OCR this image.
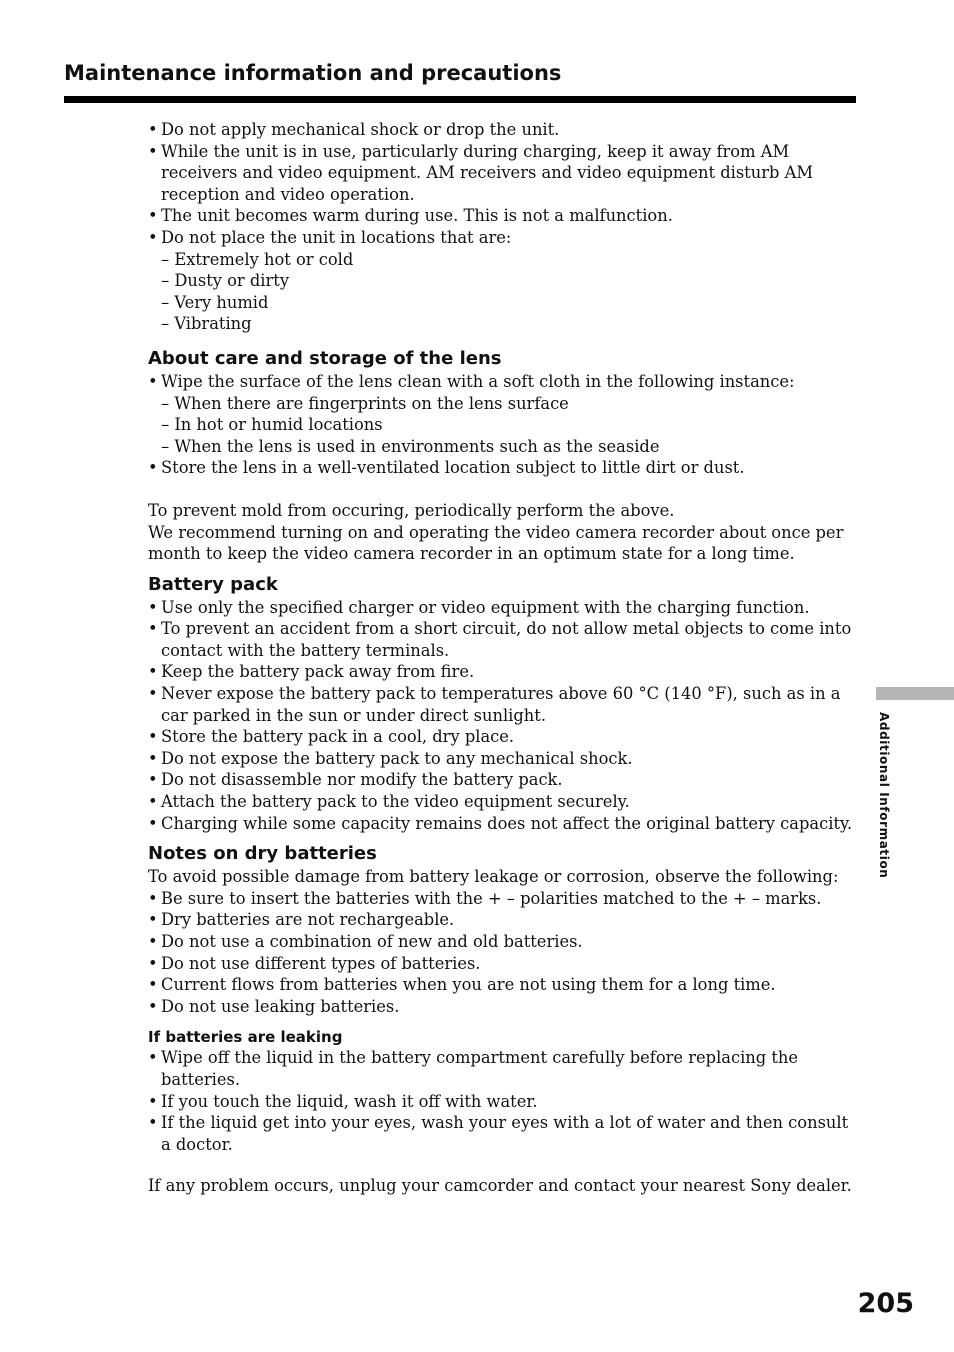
Maintenance information and precautions

• Do not apply mechanical shock or drop the unit.

• While the unit is in use, particularly during charging, keep it away from AM receivers and video equipment. AM receivers and video equipment disturb AM reception and video operation.

• The unit becomes warm during use. This is not a malfunction.

• Do not place the unit in locations that are:

– Extremely hot or cold

– Dusty or dirty

– Very humid

– Vibrating

About care and storage of the lens

• Wipe the surface of the lens clean with a soft cloth in the following instance:

– When there are fingerprints on the lens surface

– In hot or humid locations

– When the lens is used in environments such as the seaside

• Store the lens in a well-ventilated location subject to little dirt or dust.

To prevent mold from occuring, periodically perform the above.

We recommend turning on and operating the video camera recorder about once per month to keep the video camera recorder in an optimum state for a long time.

Battery pack

• Use only the specified charger or video equipment with the charging function.

• To prevent an accident from a short circuit, do not allow metal objects to come into contact with the battery terminals.

• Keep the battery pack away from fire.

• Never expose the battery pack to temperatures above 60 °C (140 °F), such as in a car parked in the sun or under direct sunlight.

• Store the battery pack in a cool, dry place.

• Do not expose the battery pack to any mechanical shock.

• Do not disassemble nor modify the battery pack.

• Attach the battery pack to the video equipment securely.

• Charging while some capacity remains does not affect the original battery capacity.

Notes on dry batteries

To avoid possible damage from battery leakage or corrosion, observe the following:

• Be sure to insert the batteries with the + – polarities matched to the + – marks.

• Dry batteries are not rechargeable.

• Do not use a combination of new and old batteries.

• Do not use different types of batteries.

• Current flows from batteries when you are not using them for a long time.

• Do not use leaking batteries.

If batteries are leaking

• Wipe off the liquid in the battery compartment carefully before replacing the batteries.

• If you touch the liquid, wash it off with water.

• If the liquid get into your eyes, wash your eyes with a lot of water and then consult a doctor.

If any problem occurs, unplug your camcorder and contact your nearest Sony dealer.

Additional Information
205
